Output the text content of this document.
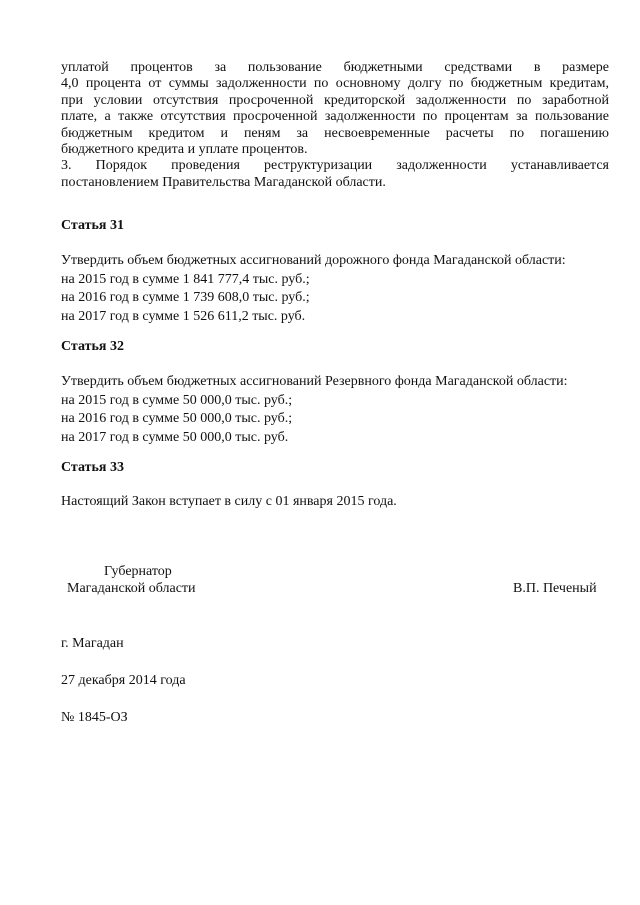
уплатой процентов за пользование бюджетными средствами в размере
4,0 процента от суммы задолженности по основному долгу по бюджетным кредитам,
при условии отсутствия просроченной кредиторской задолженности по заработной
плате, а также отсутствия просроченной задолженности по процентам за пользование
бюджетным кредитом и пеням за несвоевременные расчеты по погашению
бюджетного кредита и уплате процентов.
3. Порядок проведения реструктуризации задолженности устанавливается
постановлением Правительства Магаданской области.
Статья 31
Утвердить объем бюджетных ассигнований дорожного фонда Магаданской области:
на 2015 год в сумме 1 841 777,4 тыс. руб.;
на 2016 год в сумме 1 739 608,0 тыс. руб.;
на 2017 год в сумме 1 526 611,2 тыс. руб.
Статья 32
Утвердить объем бюджетных ассигнований Резервного фонда Магаданской области:
на 2015 год в сумме 50 000,0 тыс. руб.;
на 2016 год в сумме 50 000,0 тыс. руб.;
на 2017 год в сумме 50 000,0 тыс. руб.
Статья 33
Настоящий Закон вступает в силу с 01 января 2015 года.
Губернатор
Магаданской области	В.П. Печеный
г. Магадан
27 декабря 2014 года
№ 1845-ОЗ
